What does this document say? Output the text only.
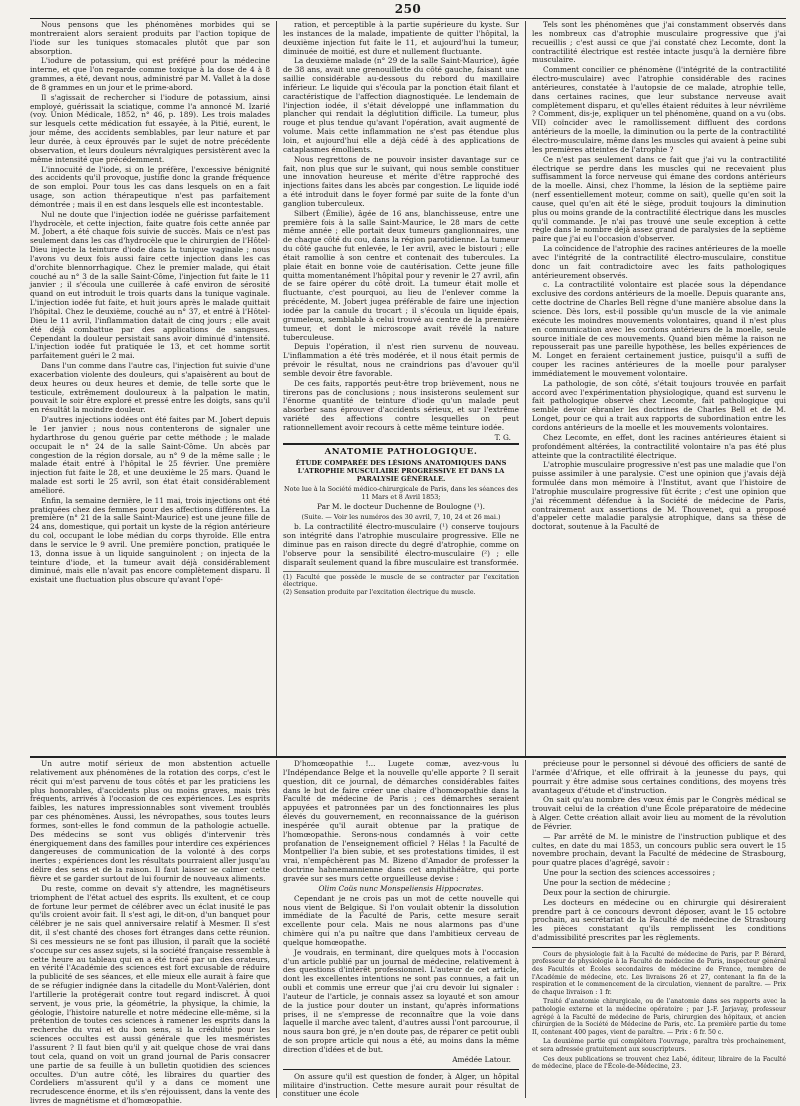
250

Nous pensons que les phénomènes morbides qui se montreraient alors seraient produits par l'action topique de l'iode sur les tuniques stomacales plutôt que par son absorption.

L'iodure de potassium, qui est préféré pour la médecine interne, et que l'on regarde comme toxique à la dose de 4 à 8 grammes, a été, devant nous, administré par M. Vallet à la dose de 8 grammes en un jour et le prime-abord.

Il s'agissait de rechercher si l'iodure de potassium, ainsi employé, guérissait la sciatique, comme l'a annoncé M. Izarié (voy. Union Médicale, 1852, n° 46, p. 189). Les trois malades sur lesquels cette médication fut essayée, à la Pitié, eurent, le jour même, des accidents semblables, par leur nature et par leur durée, à ceux éprouvés par le sujet de notre précédente observation, et leurs douleurs névralgiques persistèrent avec la même intensité que précédemment.

L'innocuité de l'iode, si on le préfère, l'excessive bénignité des accidents qu'il provoque, justifie donc la grande fréquence de son emploi. Pour tous les cas dans lesquels on en a fait usage, son action thérapeutique n'est pas parfaitement démontrée ; mais il en est dans lesquels elle est incontestable.

Nul ne doute que l'injection iodée ne guérisse parfaitement l'hydrocèle, et cette injection, faite quatre fois cette année par M. Jobert, a été chaque fois suivie de succès. Mais ce n'est pas seulement dans les cas d'hydrocèle que le chirurgien de l'Hôtel-Dieu injecte la teinture d'iode dans la tunique vaginale ; nous l'avons vu deux fois aussi faire cette injection dans les cas d'orchite blennorrhagique. Chez le premier malade, qui était couché au n° 3 de la salle Saint-Côme, l'injection fut faite le 11 janvier ; il s'écoula une cuillerée à café environ de sérosité quand on eut introduit le trois quarts dans la tunique vaginale. L'injection iodée fut faite, et huit jours après le malade quittait l'hôpital. Chez le deuxième, couché au n° 37, et entré à l'Hôtel-Dieu le 11 avril, l'inflammation datait de cinq jours ; elle avait été déjà combattue par des applications de sangsues. Cependant la douleur persistait sans avoir diminué d'intensité. L'injection iodée fut pratiquée le 13, et cet homme sortit parfaitement guéri le 2 mai.

Dans l'un comme dans l'autre cas, l'injection fut suivie d'une exacerbation violente des douleurs, qui s'apaisèrent au bout de deux heures ou deux heures et demie, de telle sorte que le testicule, extrêmement douloureux à la palpation le matin, pouvait le soir être exploré et pressé entre les doigts, sans qu'il en résultât la moindre douleur.

D'autres injections iodées ont été faites par M. Jobert depuis le 1er janvier ; nous nous contenterons de signaler une hydarthrose du genou guérie par cette méthode ; le malade occupait le n° 24 de la salle Saint-Côme. Un abcès par congestion de la région dorsale, au n° 9 de la même salle ; le malade était entré à l'hôpital le 25 février. Une première injection fut faite le 28, et une deuxième le 25 mars. Quand le malade est sorti le 25 avril, son état était considérablement amélioré.

Enfin, la semaine dernière, le 11 mai, trois injections ont été pratiquées chez des femmes pour des affections différentes. La première (n° 21 de la salle Saint-Maurice) est une jeune fille de 24 ans, domestique, qui portait un kyste de la région antérieure du col, occupant le lobe médian du corps thyroïde. Elle entra dans le service le 9 avril. Une première ponction, pratiquée le 13, donna issue à un liquide sanguinolent ; on injecta de la teinture d'iode, et la tumeur avait déjà considérablement diminué, mais elle n'avait pas encore complètement disparu. Il existait une fluctuation plus obscure qu'avant l'opé-

ration, et perceptible à la partie supérieure du kyste. Sur les instances de la malade, impatiente de quitter l'hôpital, la deuxième injection fut faite le 11, et aujourd'hui la tumeur, diminuée de moitié, est dure et nullement fluctuante.

La deuxième malade (n° 29 de la salle Saint-Maurice), âgée de 38 ans, avait une grenouillette du côté gauche, faisant une saillie considérable au-dessous du rebord du maxillaire inférieur. Le liquide qui s'écoula par la ponction était filant et caractéristique de l'affection diagnostiquée. Le lendemain de l'injection iodée, il s'était développé une inflammation du plancher qui rendait la déglutition difficile. La tumeur, plus rouge et plus tendue qu'avant l'opération, avait augmenté de volume. Mais cette inflammation ne s'est pas étendue plus loin, et aujourd'hui elle a déjà cédé à des applications de cataplasmes émollients.

Nous regrettons de ne pouvoir insister davantage sur ce fait, non plus que sur le suivant, qui nous semble constituer une innovation heureuse et mérite d'être rapproché des injections faites dans les abcès par congestion. Le liquide iodé a été introduit dans le foyer formé par suite de la fonte d'un ganglion tuberculeux.

Silbert (Émilie), âgée de 16 ans, blanchisseuse, entre une première fois à la salle Saint-Maurice, le 28 mars de cette même année ; elle portait deux tumeurs ganglionnaires, une de chaque côté du cou, dans la région parotidienne. La tumeur du côté gauche fut enlevée, le 1er avril, avec le bistouri ; elle était ramollie à son centre et contenait des tubercules. La plaie était en bonne voie de cautérisation. Cette jeune fille quitta momentanément l'hôpital pour y revenir le 27 avril, afin de se faire opérer du côté droit. La tumeur était molle et fluctuante, c'est pourquoi, au lieu de l'enlever comme la précédente, M. Jobert jugea préférable de faire une injection iodée par la canule du trocart ; il s'écoula un liquide épais, grumeleux, semblable à celui trouvé au centre de la première tumeur, et dont le microscope avait révélé la nature tuberculeuse.

Depuis l'opération, il n'est rien survenu de nouveau. L'inflammation a été très modérée, et il nous était permis de prévoir le résultat, nous ne craindrions pas d'avouer qu'il semble devoir être favorable.

De ces faits, rapportés peut-être trop brièvement, nous ne tirerons pas de conclusions ; nous insisterons seulement sur l'énorme quantité de teinture d'iode qu'un malade peut absorber sans éprouver d'accidents sérieux, et sur l'extrême variété des affections contre lesquelles on peut rationnellement avoir recours à cette même teinture iodée.

T. G.
ANATOMIE PATHOLOGIQUE.
ÉTUDE COMPARÉE DES LÉSIONS ANATOMIQUES DANS L'ATROPHIE MUSCULAIRE PROGRESSIVE ET DANS LA PARALYSIE GÉNÉRALE.
Note lue à la Société médico-chirurgicale de Paris, dans les séances des 11 Mars et 8 Avril 1853;
Par M. le docteur Duchenne de Boulogne (¹).
(Suite. — Voir les numéros des 30 avril, 7, 10, 24 et 26 mai.)

b. La contractilité électro-musculaire (¹) conserve toujours son intégrité dans l'atrophie musculaire progressive. Elle ne diminue pas en raison directe du degré d'atrophie, comme on l'observe pour la sensibilité électro-musculaire (²) ; elle disparaît seulement quand la fibre musculaire est transformée.

(1) Faculté que possède le muscle de se contracter par l'excitation électrique.
(2) Sensation produite par l'excitation électrique du muscle.

Tels sont les phénomènes que j'ai constamment observés dans les nombreux cas d'atrophie musculaire progressive que j'ai recueillis ; c'est aussi ce que j'ai constaté chez Lecomte, dont la contractilité électrique est restée intacte jusqu'à la dernière fibre musculaire.

Comment concilier ce phénomène (l'intégrité de la contractilité électro-musculaire) avec l'atrophie considérable des racines antérieures, constatée à l'autopsie de ce malade, atrophie telle, dans certaines racines, que leur substance nerveuse avait complètement disparu, et qu'elles étaient réduites à leur névrilème ? Comment, dis-je, expliquer un tel phénomène, quand on a vu (obs. VII) coïncider avec le ramollissement diffluent des cordons antérieurs de la moelle, la diminution ou la perte de la contractilité électro-musculaire, même dans les muscles qui avaient à peine subi les premières atteintes de l'atrophie ?

Ce n'est pas seulement dans ce fait que j'ai vu la contractilité électrique se perdre dans les muscles qui ne recevaient plus suffisamment la force nerveuse qui émane des cordons antérieurs de la moelle. Ainsi, chez l'homme, la lésion de la septième paire (nerf essentiellement moteur, comme on sait), quelle qu'en soit la cause, quel qu'en ait été le siège, produit toujours la diminution plus ou moins grande de la contractilité électrique dans les muscles qu'il commande. Je n'ai pas trouvé une seule exception à cette règle dans le nombre déjà assez grand de paralysies de la septième paire que j'ai eu l'occasion d'observer.

La coïncidence de l'atrophie des racines antérieures de la moelle avec l'intégrité de la contractilité électro-musculaire, constitue donc un fait contradictoire avec les faits pathologiques antérieurement observés.

c. La contractilité volontaire est placée sous la dépendance exclusive des cordons antérieurs de la moelle. Depuis quarante ans, cette doctrine de Charles Bell règne d'une manière absolue dans la science. Dès lors, est-il possible qu'un muscle de la vie animale exécute les moindres mouvements volontaires, quand il n'est plus en communication avec les cordons antérieurs de la moelle, seule source initiale de ces mouvements. Quand bien même la raison ne repousserait pas une pareille hypothèse, les belles expériences de M. Longet en feraient certainement justice, puisqu'il a suffi de couper les racines antérieures de la moelle pour paralyser immédiatement le mouvement volontaire.

La pathologie, de son côté, s'était toujours trouvée en parfait accord avec l'expérimentation physiologique, quand est survenu le fait pathologique observé chez Lecomte, fait pathologique qui semble devoir ébranler les doctrines de Charles Bell et de M. Longet, pour ce qui a trait aux rapports de subordination entre les cordons antérieurs de la moelle et les mouvements volontaires.

Chez Lecomte, en effet, dont les racines antérieures étaient si profondément altérées, la contractilité volontaire n'a pas été plus atteinte que la contractilité électrique.

L'atrophie musculaire progressive n'est pas une maladie que l'on puisse assimiler à une paralysie. C'est une opinion que j'avais déjà formulée dans mon mémoire à l'Institut, avant que l'histoire de l'atrophie musculaire progressive fût écrite ; c'est une opinion que j'ai récemment défendue à la Société de médecine de Paris, contrairement aux assertions de M. Thouvenet, qui a proposé d'appeler cette maladie paralysie atrophique, dans sa thèse de doctorat, soutenue à la Faculté de

Un autre motif sérieux de mon abstention actuelle relativement aux phénomènes de la rotation des corps, c'est le récit qui m'est parvenu de tous côtés et par les praticiens les plus honorables, d'accidents plus ou moins graves, mais très fréquents, arrivés à l'occasion de ces expériences. Les esprits faibles, les natures impressionnables sont vivement troublés par ces phénomènes. Aussi, les névropathes, sous toutes leurs formes, sont-elles le fond commun de la pathologie actuelle. Des médecins se sont vus obligés d'intervenir très énergiquement dans des familles pour interdire ces expériences dangereuses de communication de la volonté à des corps inertes ; expériences dont les résultats pourraient aller jusqu'au délire des sens et de la raison. Il faut laisser se calmer cette fièvre et se garder surtout de lui fournir de nouveaux aliments.

Du reste, comme on devait s'y attendre, les magnétiseurs triomphent de l'état actuel des esprits. Ils exultent, et ce coup de fortune leur permet de célébrer avec un éclat inusité le pas qu'ils croient avoir fait. Il s'est agi, le dit-on, d'un banquet pour célébrer je ne sais quel anniversaire relatif à Mesmer. Il s'est dit, il s'est chanté des choses fort étranges dans cette réunion. Si ces messieurs ne se font pas illusion, il paraît que la société s'occupe sur ces assez sujets, si la société française ressemble à cette heure au tableau qui en a été tracé par un des orateurs, en vérité l'Académie des sciences est fort excusable de réduire la publicité de ses séances, et elle mieux elle aurait à faire que de se réfugier indignée dans la citadelle du Mont-Valérien, dont l'artillerie la protégerait contre tout regard indiscret. À quoi servent, je vous prie, la géométrie, la physique, la chimie, la géologie, l'histoire naturelle et notre médecine elle-même, si la prétention de toutes ces sciences à ramener les esprits dans la recherche du vrai et du bon sens, si la crédulité pour les sciences occultes est aussi générale que les mesméristes l'assurent ? Il faut bien qu'il y ait quelque chose de vrai dans tout cela, quand on voit un grand journal de Paris consacrer une partie de sa feuille à un bulletin quotidien des sciences occultes. D'un autre côté, les libraires du quartier des Cordeliers m'assurent qu'il y a dans ce moment une recrudescence énorme, et ils s'en réjouissent, dans la vente des livres de magnétisme et d'homœopathie.

D'homœopathie !... Lugete comæ, avez-vous lu l'Indépendance Belge et la nouvelle qu'elle apporte ? Il serait question, dit ce journal, de démarches considérables faites dans le but de faire créer une chaire d'homœopathie dans la Faculté de médecine de Paris ; ces démarches seraient appuyées et patronnées par un des fonctionnaires les plus élevés du gouvernement, en reconnaissance de la guérison inespérée qu'il aurait obtenue par la pratique de l'homœopathie. Serons-nous condamnés à voir cette profanation de l'enseignement officiel ? Hélas ! la Faculté de Montpellier l'a bien subie, et ses protestations timides, il est vrai, n'empêchèrent pas M. Bizeno d'Amador de professer la doctrine hahnemannienne dans cet amphithéâtre, qui porte gravée sur ses murs cette orgueilleuse devise :

Olim Coüs nunc Monspeliensis Hippocrates.

Cependant je ne crois pas un mot de cette nouvelle qui nous vient de Belgique. Si l'on voulait obtenir la dissolution immédiate de la Faculté de Paris, cette mesure serait excellente pour cela. Mais ne nous alarmons pas d'une chimère qui n'a pu naître que dans l'ambitieux cerveau de quelque homœopathe.

Je voudrais, en terminant, dire quelques mots à l'occasion d'un article publié par un journal de médecine, relativement à des questions d'intérêt professionnel. L'auteur de cet article, dont les excellentes intentions ne sont pas connues, a fait un oubli et commis une erreur que j'ai cru devoir lui signaler : l'auteur de l'article, je connais assez sa loyauté et son amour de la justice pour douter un instant, qu'après informations prises, il ne s'empresse de reconnaître que la voie dans laquelle il marche avec talent, d'autres aussi l'ont parcourue, il nous saura bon gré, je n'en doute pas, de réparer ce petit oubli de son propre article qui nous a été, au moins dans la même direction d'idées et de but.

Amédée Latour.

On assure qu'il est question de fonder, à Alger, un hôpital militaire d'instruction. Cette mesure aurait pour résultat de constituer une école

précieuse pour le personnel si dévoué des officiers de santé de l'armée d'Afrique, et elle offrirait à la jeunesse du pays, qui pourrait y être admise sous certaines conditions, des moyens très avantageux d'étude et d'instruction.

On sait qu'au nombre des vœux émis par le Congrès médical se trouvait celui de la création d'une École préparatoire de médecine à Alger. Cette création allait avoir lieu au moment de la révolution de Février.

— Par arrêté de M. le ministre de l'instruction publique et des cultes, en date du mai 1853, un concours public sera ouvert le 15 novembre prochain, devant la Faculté de médecine de Strasbourg, pour quatre places d'agrégé, savoir :

Une pour la section des sciences accessoires ;

Une pour la section de médecine ;

Deux pour la section de chirurgie.

Les docteurs en médecine ou en chirurgie qui désireraient prendre part à ce concours devront déposer, avant le 15 octobre prochain, au secrétariat de la Faculté de médecine de Strasbourg les pièces constatant qu'ils remplissent les conditions d'admissibilité prescrites par les règlements.

Cours de physiologie fait à la Faculté de médecine de Paris, par P. Bérard, professeur de physiologie à la Faculté de médecine de Paris, inspecteur général des Facultés et Écoles secondaires de médecine de France, membre de l'Académie de médecine, etc. Les livraisons 26 et 27, contenant la fin de la respiration et le commencement de la circulation, viennent de paraître. — Prix de chaque livraison : 1 fr.

Traité d'anatomie chirurgicale, ou de l'anatomie dans ses rapports avec la pathologie externe et la médecine opératoire ; par J.-F. Jarjavay, professeur agrégé à la Faculté de médecine de Paris, chirurgien des hôpitaux, et ancien chirurgien de la Société de Médecine de Paris, etc. La première partie du tome II, contenant 400 pages, vient de paraître. — Prix : 6 fr. 50 c.

La deuxième partie qui complétera l'ouvrage, paraîtra très prochainement, et sera adressée gratuitement aux souscripteurs.

Ces deux publications se trouvent chez Labé, éditeur, libraire de la Faculté de médecine, place de l'École-de-Médecine, 23.
